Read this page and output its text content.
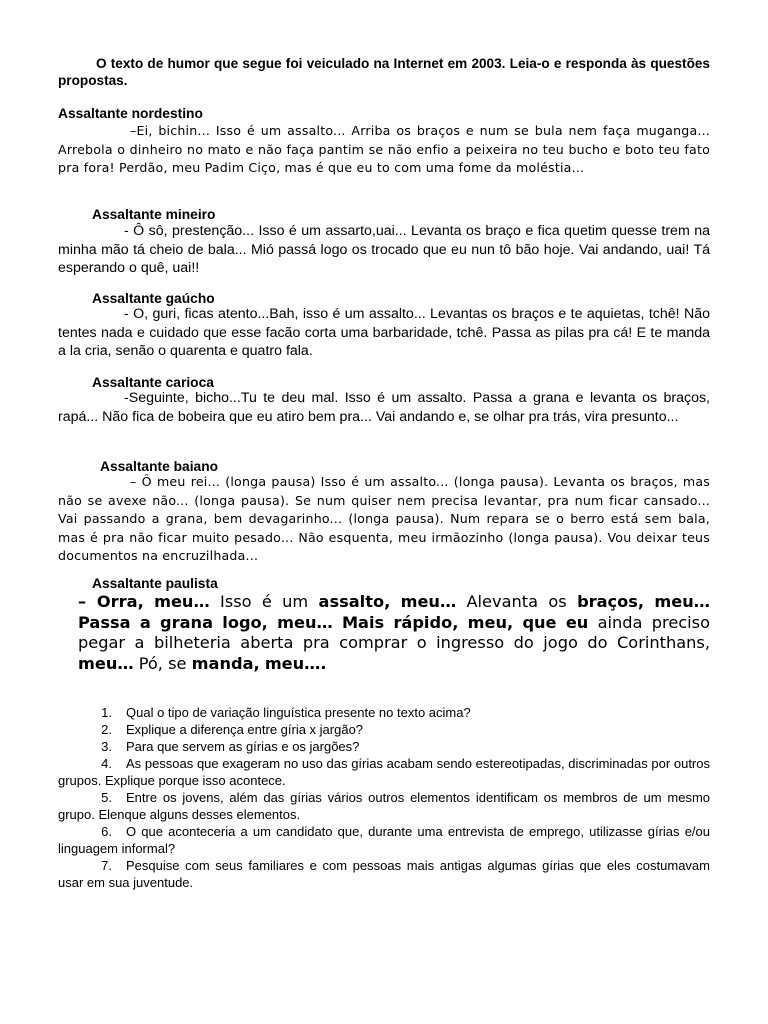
O texto de humor que segue foi veiculado na Internet em 2003. Leia-o e responda às questões propostas.
Assaltante nordestino
–Ei, bichin... Isso é um assalto... Arriba os braços e num se bula nem faça muganga... Arrebola o dinheiro no mato e não faça pantim se não enfio a peixeira no teu bucho e boto teu fato pra fora! Perdão, meu Padim Ciço, mas é que eu to com uma fome da moléstia...
Assaltante mineiro
- Ô sô, prestenção... Isso é um assarto,uai... Levanta os braço e fica quetim quesse trem na minha mão tá cheio de bala... Mió passá logo os trocado que eu nun tô bão hoje. Vai andando, uai! Tá esperando o quê, uai!!
Assaltante gaúcho
- O, guri, ficas atento...Bah, isso é um assalto... Levantas os braços e te aquietas, tchê! Não tentes nada e cuidado que esse facão corta uma barbaridade, tchê. Passa as pilas pra cá! E te manda a la cria, senão o quarenta e quatro fala.
Assaltante carioca
-Seguinte, bicho...Tu te deu mal. Isso é um assalto. Passa a grana e levanta os braços, rapá... Não fica de bobeira que eu atiro bem pra... Vai andando e, se olhar pra trás, vira presunto...
Assaltante baiano
– Ô meu rei... (longa pausa) Isso é um assalto... (longa pausa). Levanta os braços, mas não se avexe não... (longa pausa). Se num quiser nem precisa levantar, pra num ficar cansado... Vai passando a grana, bem devagarinho... (longa pausa). Num repara se o berro está sem bala, mas é pra não ficar muito pesado... Não esquenta, meu irmãozinho (longa pausa). Vou deixar teus documentos na encruzilhada...
Assaltante paulista
– Orra, meu… Isso é um assalto, meu… Alevanta os braços, meu… Passa a grana logo, meu… Mais rápido, meu, que eu ainda preciso pegar a bilheteria aberta pra comprar o ingresso do jogo do Corinthans, meu… Pó, se manda, meu….
1. Qual o tipo de variação linguística presente no texto acima?
2. Explique a diferença entre gíria x jargão?
3. Para que servem as gírias e os jargões?
4. As pessoas que exageram no uso das gírias acabam sendo estereotipadas, discriminadas por outros grupos. Explique porque isso acontece.
5. Entre os jovens, além das gírias vários outros elementos identificam os membros de um mesmo grupo. Elenque alguns desses elementos.
6. O que aconteceria a um candidato que, durante uma entrevista de emprego, utilizasse gírias e/ou linguagem informal?
7. Pesquise com seus familiares e com pessoas mais antigas algumas gírias que eles costumavam usar em sua juventude.
